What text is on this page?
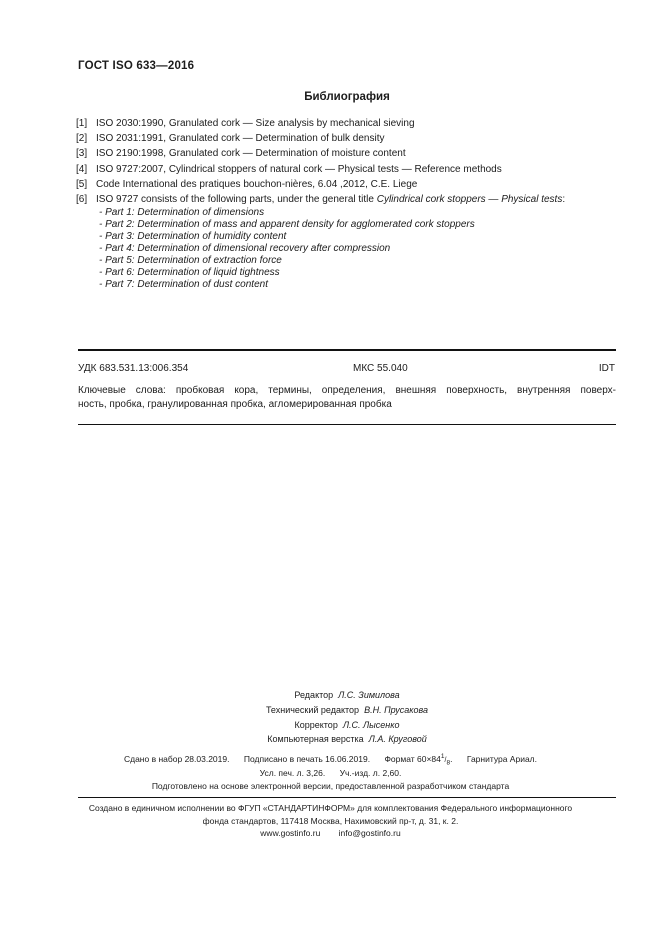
ГОСТ ISO 633—2016
Библиография
[1] ISO 2030:1990, Granulated cork — Size analysis by mechanical sieving
[2] ISO 2031:1991, Granulated cork — Determination of bulk density
[3] ISO 2190:1998, Granulated cork — Determination of moisture content
[4] ISO 9727:2007, Cylindrical stoppers of natural cork — Physical tests — Reference methods
[5] Code International des pratiques bouchon-nières, 6.04 ,2012, C.E. Liege
[6] ISO 9727 consists of the following parts, under the general title Cylindrical cork stoppers — Physical tests:
- Part 1: Determination of dimensions
- Part 2: Determination of mass and apparent density for agglomerated cork stoppers
- Part 3: Determination of humidity content
- Part 4: Determination of dimensional recovery after compression
- Part 5: Determination of extraction force
- Part 6: Determination of liquid tightness
- Part 7: Determination of dust content
УДК 683.531.13:006.354	МКС 55.040	IDT
Ключевые слова: пробковая кора, термины, определения, внешняя поверхность, внутренняя поверх-
ность, пробка, гранулированная пробка, агломерированная пробка
Редактор Л.С. Зимилова
Технический редактор В.Н. Прусакова
Корректор Л.С. Лысенко
Компьютерная верстка Л.А. Круговой
Сдано в набор 28.03.2019. Подписано в печать 16.06.2019. Формат $60\times 84^1/_8$. Гарнитура Ариал.
Усл. печ. л. 3,26. Уч.-изд. л. 2,60.
Подготовлено на основе электронной версии, предоставленной разработчиком стандарта
Создано в единичном исполнении во ФГУП «СТАНДАРТИНФОРМ» для комплектования Федерального информационного
фонда стандартов, 117418 Москва, Нахимовский пр-т, д. 31, к. 2.
www.gostinfo.ru info@gostinfo.ru
